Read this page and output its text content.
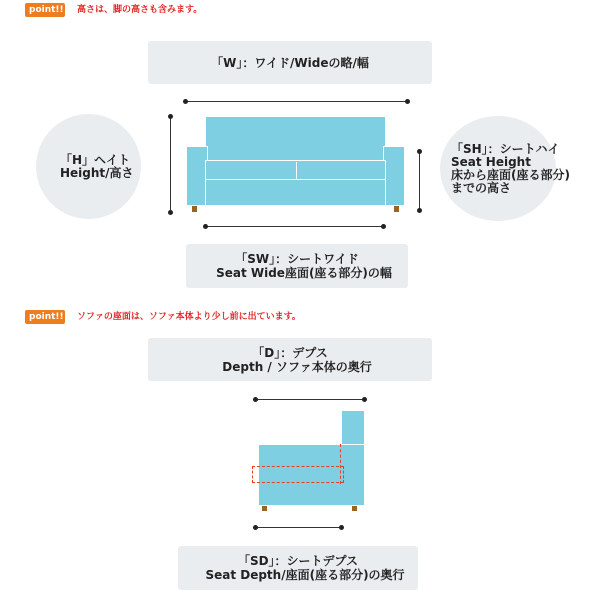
point!! 高さは、脚の高さも含みます。
「W」：ワイド/Wideの略/幅
「H」ヘイト
Height/高さ
「SH」：シートハイ
Seat Height
床から座面(座る部分)
までの高さ
「SW」：シートワイド
Seat Wide座面(座る部分)の幅
point!! ソファの座面は、ソファ本体より少し前に出ています。
「D」：デプス
Depth / ソファ本体の奥行
「SD」：シートデプス
Seat Depth/座面(座る部分)の奥行
